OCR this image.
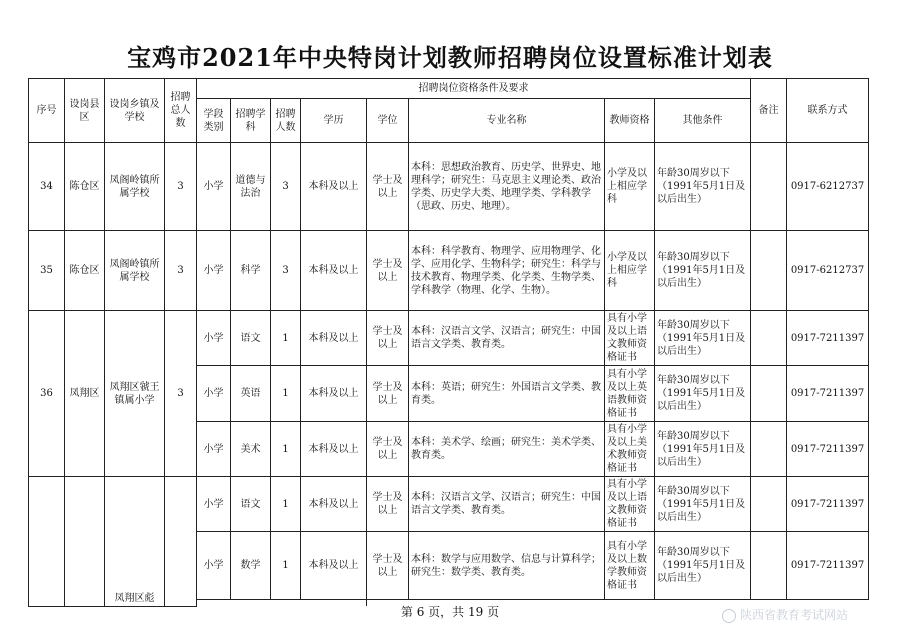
宝鸡市2021年中央特岗计划教师招聘岗位设置标准计划表
序号	设岗县区	设岗乡镇及学校	招聘总人数	招聘岗位资格条件及要求								备注	联系方式
				学段类别	招聘学科	招聘人数	学历	学位	专业名称	教师资格	其他条件		
34	陈仓区	凤阁岭镇所属学校	3	小学	道德与法治	3	本科及以上	学士及以上	本科：思想政治教育、历史学、世界史、地理科学；研究生：马克思主义理论类、政治学类、历史学大类、地理学类、学科教学（思政、历史、地理）。	小学及以上相应学科	年龄30周岁以下（1991年5月1日及以后出生）		0917-6212737
35	陈仓区	凤阁岭镇所属学校	3	小学	科学	3	本科及以上	学士及以上	本科：科学教育、物理学、应用物理学、化学、应用化学、生物科学；研究生：科学与技术教育、物理学类、化学类、生物学类、学科教学（物理、化学、生物）。	小学及以上相应学科	年龄30周岁以下（1991年5月1日及以后出生）		0917-6212737
36	凤翔区	凤翔区虢王镇属小学	3	小学	语文	1	本科及以上	学士及以上	本科：汉语言文学、汉语言；研究生：中国语言文学类、教育类。	具有小学及以上语文教师资格证书	年龄30周岁以下（1991年5月1日及以后出生）		0917-7211397
				小学	英语	1	本科及以上	学士及以上	本科：英语；研究生：外国语言文学类、教育类。	具有小学及以上英语教师资格证书	年龄30周岁以下（1991年5月1日及以后出生）		0917-7211397
				小学	美术	1	本科及以上	学士及以上	本科：美术学、绘画；研究生：美术学类、教育类。	具有小学及以上美术教师资格证书	年龄30周岁以下（1991年5月1日及以后出生）		0917-7211397
		凤翔区彪		小学	语文	1	本科及以上	学士及以上	本科：汉语言文学、汉语言；研究生：中国语言文学类、教育类。	具有小学及以上语文教师资格证书	年龄30周岁以下（1991年5月1日及以后出生）		0917-7211397
				小学	数学	1	本科及以上	学士及以上	本科：数学与应用数学、信息与计算科学；研究生：数学类、教育类。	具有小学及以上数学教师资格证书	年龄30周岁以下（1991年5月1日及以后出生）		0917-7211397

第 6 页，共 19 页	陕西省教育考试网站
